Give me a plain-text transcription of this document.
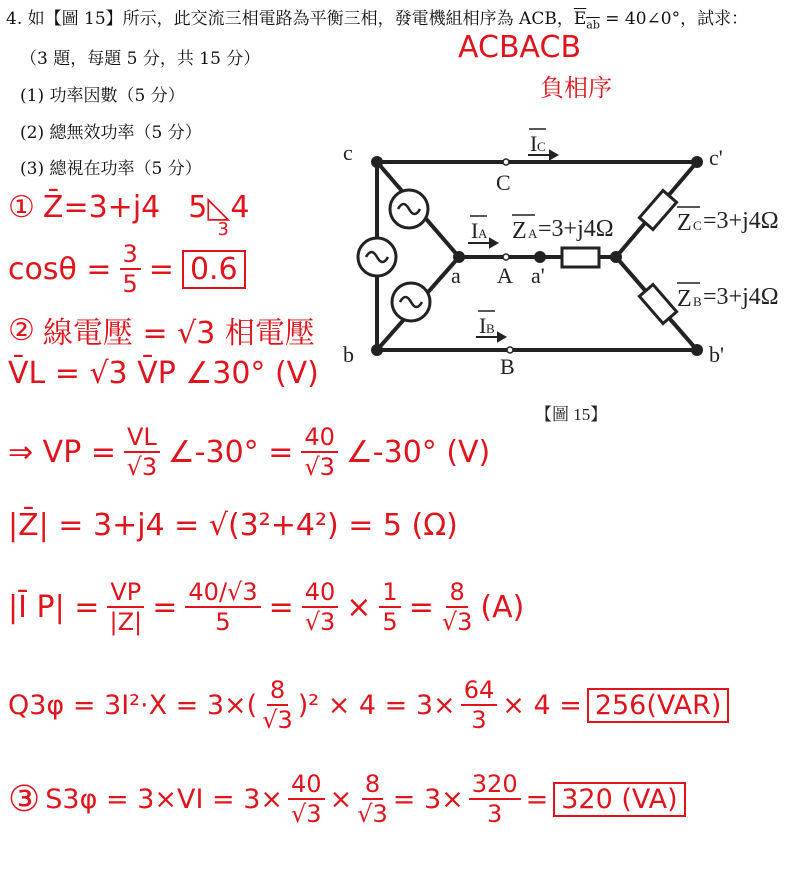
4. 如【圖 15】所示，此交流三相電路為平衡三相，發電機組相序為 ACB，$E_{ab}$ = 40∠0°，試求：
（3 題，每題 5 分，共 15 分）
(1) 功率因數（5 分）
(2) 總無效功率（5 分）
(3) 總視在功率（5 分）
c
b
a
c'
b'
a'
A
B
C
I C
I A
I B
Z A =3+j4Ω	Z C =3+j4Ω
Z B =3+j4Ω
【圖 15】
ACBACB
負相序
① Z̄=3+j4 5◺4
3
$\cos\theta = \frac{3}{5} = 0.6$
② 線電壓 = √3 相電壓
V̄L = √3 V̄P ∠30° (V)
⇒ VP = $\frac{VL}{√3}$ ∠-30° = $\frac{40}{√3}$ ∠-30° (V)
|Z̄| = 3+j4 = √(3²+4²) = 5 (Ω)
|Ī $P| = \frac{VP}{|Z|} = \frac{40/√3}{5} = \frac{40}{√3} \times \frac{1}{5} = \frac{8}{√3} (A)$
Q3φ = 3I²·X = 3×( 8
√3 )$^2 \times 4 = 3\times \frac{64}{3} \times 4 = 256(VAR)$
③ $S3\varphi = 3\times VI = 3\times \frac{40}{√3} \times \frac{8}{√3} = 3\times \frac{320}{3} = 320$ (VA)
